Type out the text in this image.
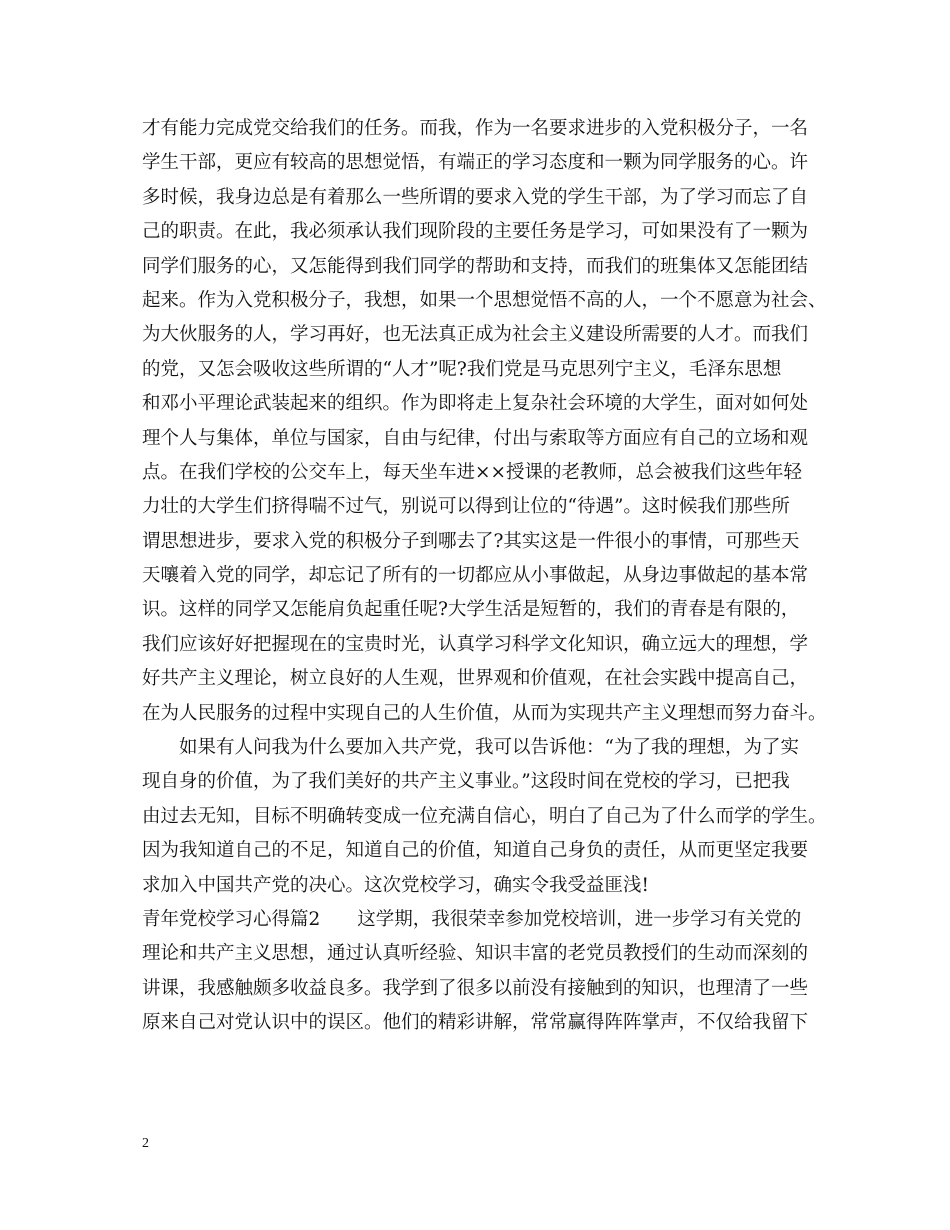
才有能力完成党交给我们的任务。而我，作为一名要求进步的入党积极分子，一名

学生干部，更应有较高的思想觉悟，有端正的学习态度和一颗为同学服务的心。许

多时候，我身边总是有着那么一些所谓的要求入党的学生干部，为了学习而忘了自

己的职责。在此，我必须承认我们现阶段的主要任务是学习，可如果没有了一颗为

同学们服务的心，又怎能得到我们同学的帮助和支持，而我们的班集体又怎能团结

起来。作为入党积极分子，我想，如果一个思想觉悟不高的人，一个不愿意为社会、

为大伙服务的人，学习再好，也无法真正成为社会主义建设所需要的人才。而我们

的党，又怎会吸收这些所谓的“人才”呢?我们党是马克思列宁主义，毛泽东思想

和邓小平理论武装起来的组织。作为即将走上复杂社会环境的大学生，面对如何处

理个人与集体，单位与国家，自由与纪律，付出与索取等方面应有自己的立场和观

点。在我们学校的公交车上，每天坐车进××授课的老教师，总会被我们这些年轻

力壮的大学生们挤得喘不过气，别说可以得到让位的“待遇”。这时候我们那些所

谓思想进步，要求入党的积极分子到哪去了?其实这是一件很小的事情，可那些天

天嚷着入党的同学，却忘记了所有的一切都应从小事做起，从身边事做起的基本常

识。这样的同学又怎能肩负起重任呢?大学生活是短暂的，我们的青春是有限的，

我们应该好好把握现在的宝贵时光，认真学习科学文化知识，确立远大的理想，学

好共产主义理论，树立良好的人生观，世界观和价值观，在社会实践中提高自己，

在为人民服务的过程中实现自己的人生价值，从而为实现共产主义理想而努力奋斗。

　　如果有人问我为什么要加入共产党，我可以告诉他：“为了我的理想，为了实

现自身的价值，为了我们美好的共产主义事业。”这段时间在党校的学习，已把我

由过去无知，目标不明确转变成一位充满自信心，明白了自己为了什么而学的学生。

因为我知道自己的不足，知道自己的价值，知道自己身负的责任，从而更坚定我要

求加入中国共产党的决心。这次党校学习，确实令我受益匪浅!

青年党校学习心得篇2　　这学期，我很荣幸参加党校培训，进一步学习有关党的

理论和共产主义思想，通过认真听经验、知识丰富的老党员教授们的生动而深刻的

讲课，我感触颇多收益良多。我学到了很多以前没有接触到的知识，也理清了一些

原来自己对党认识中的误区。他们的精彩讲解，常常赢得阵阵掌声，不仅给我留下

2
